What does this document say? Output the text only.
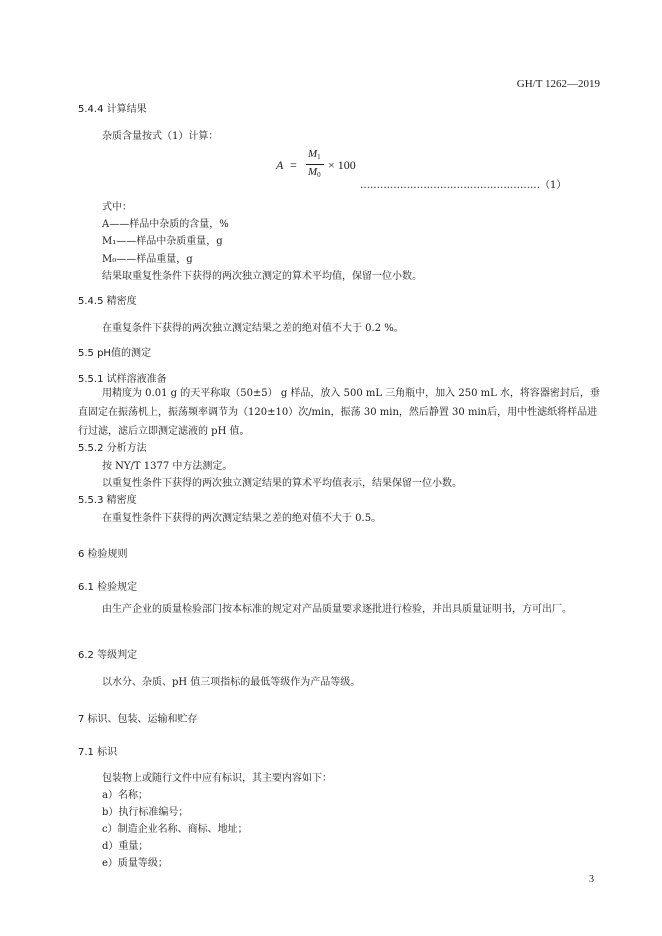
GH/T 1262—2019
5.4.4 计算结果
杂质含量按式（1）计算：
A =
$M_1$
$M_0$
× 100
………………………………………………（1）
式中：
A——样品中杂质的含量，%
M₁——样品中杂质重量，g
M₀——样品重量，g
结果取重复性条件下获得的两次独立测定的算术平均值，保留一位小数。
5.4.5 精密度
在重复条件下获得的两次独立测定结果之差的绝对值不大于 0.2 %。
5.5 pH值的测定
5.5.1 试样溶液准备
用精度为 0.01 g 的天平称取（50±5） g 样品，放入 500 mL 三角瓶中，加入 250 mL 水，将容器密封后，垂直固定在振荡机上，振荡频率调节为（120±10）次/min，振荡 30 min，然后静置 30 min后，用中性滤纸将样品进行过滤，滤后立即测定滤液的 pH 值。
5.5.2 分析方法
按 NY/T 1377 中方法测定。
以重复性条件下获得的两次独立测定结果的算术平均值表示，结果保留一位小数。
5.5.3 精密度
在重复性条件下获得的两次测定结果之差的绝对值不大于 0.5。
6 检验规则
6.1 检验规定
由生产企业的质量检验部门按本标准的规定对产品质量要求逐批进行检验，并出具质量证明书，方可出厂。
6.2 等级判定
以水分、杂质、pH 值三项指标的最低等级作为产品等级。
7 标识、包装、运输和贮存
7.1 标识
包装物上或随行文件中应有标识，其主要内容如下：
a）名称；
b）执行标准编号；
c）制造企业名称、商标、地址；
d）重量；
e）质量等级；
3
